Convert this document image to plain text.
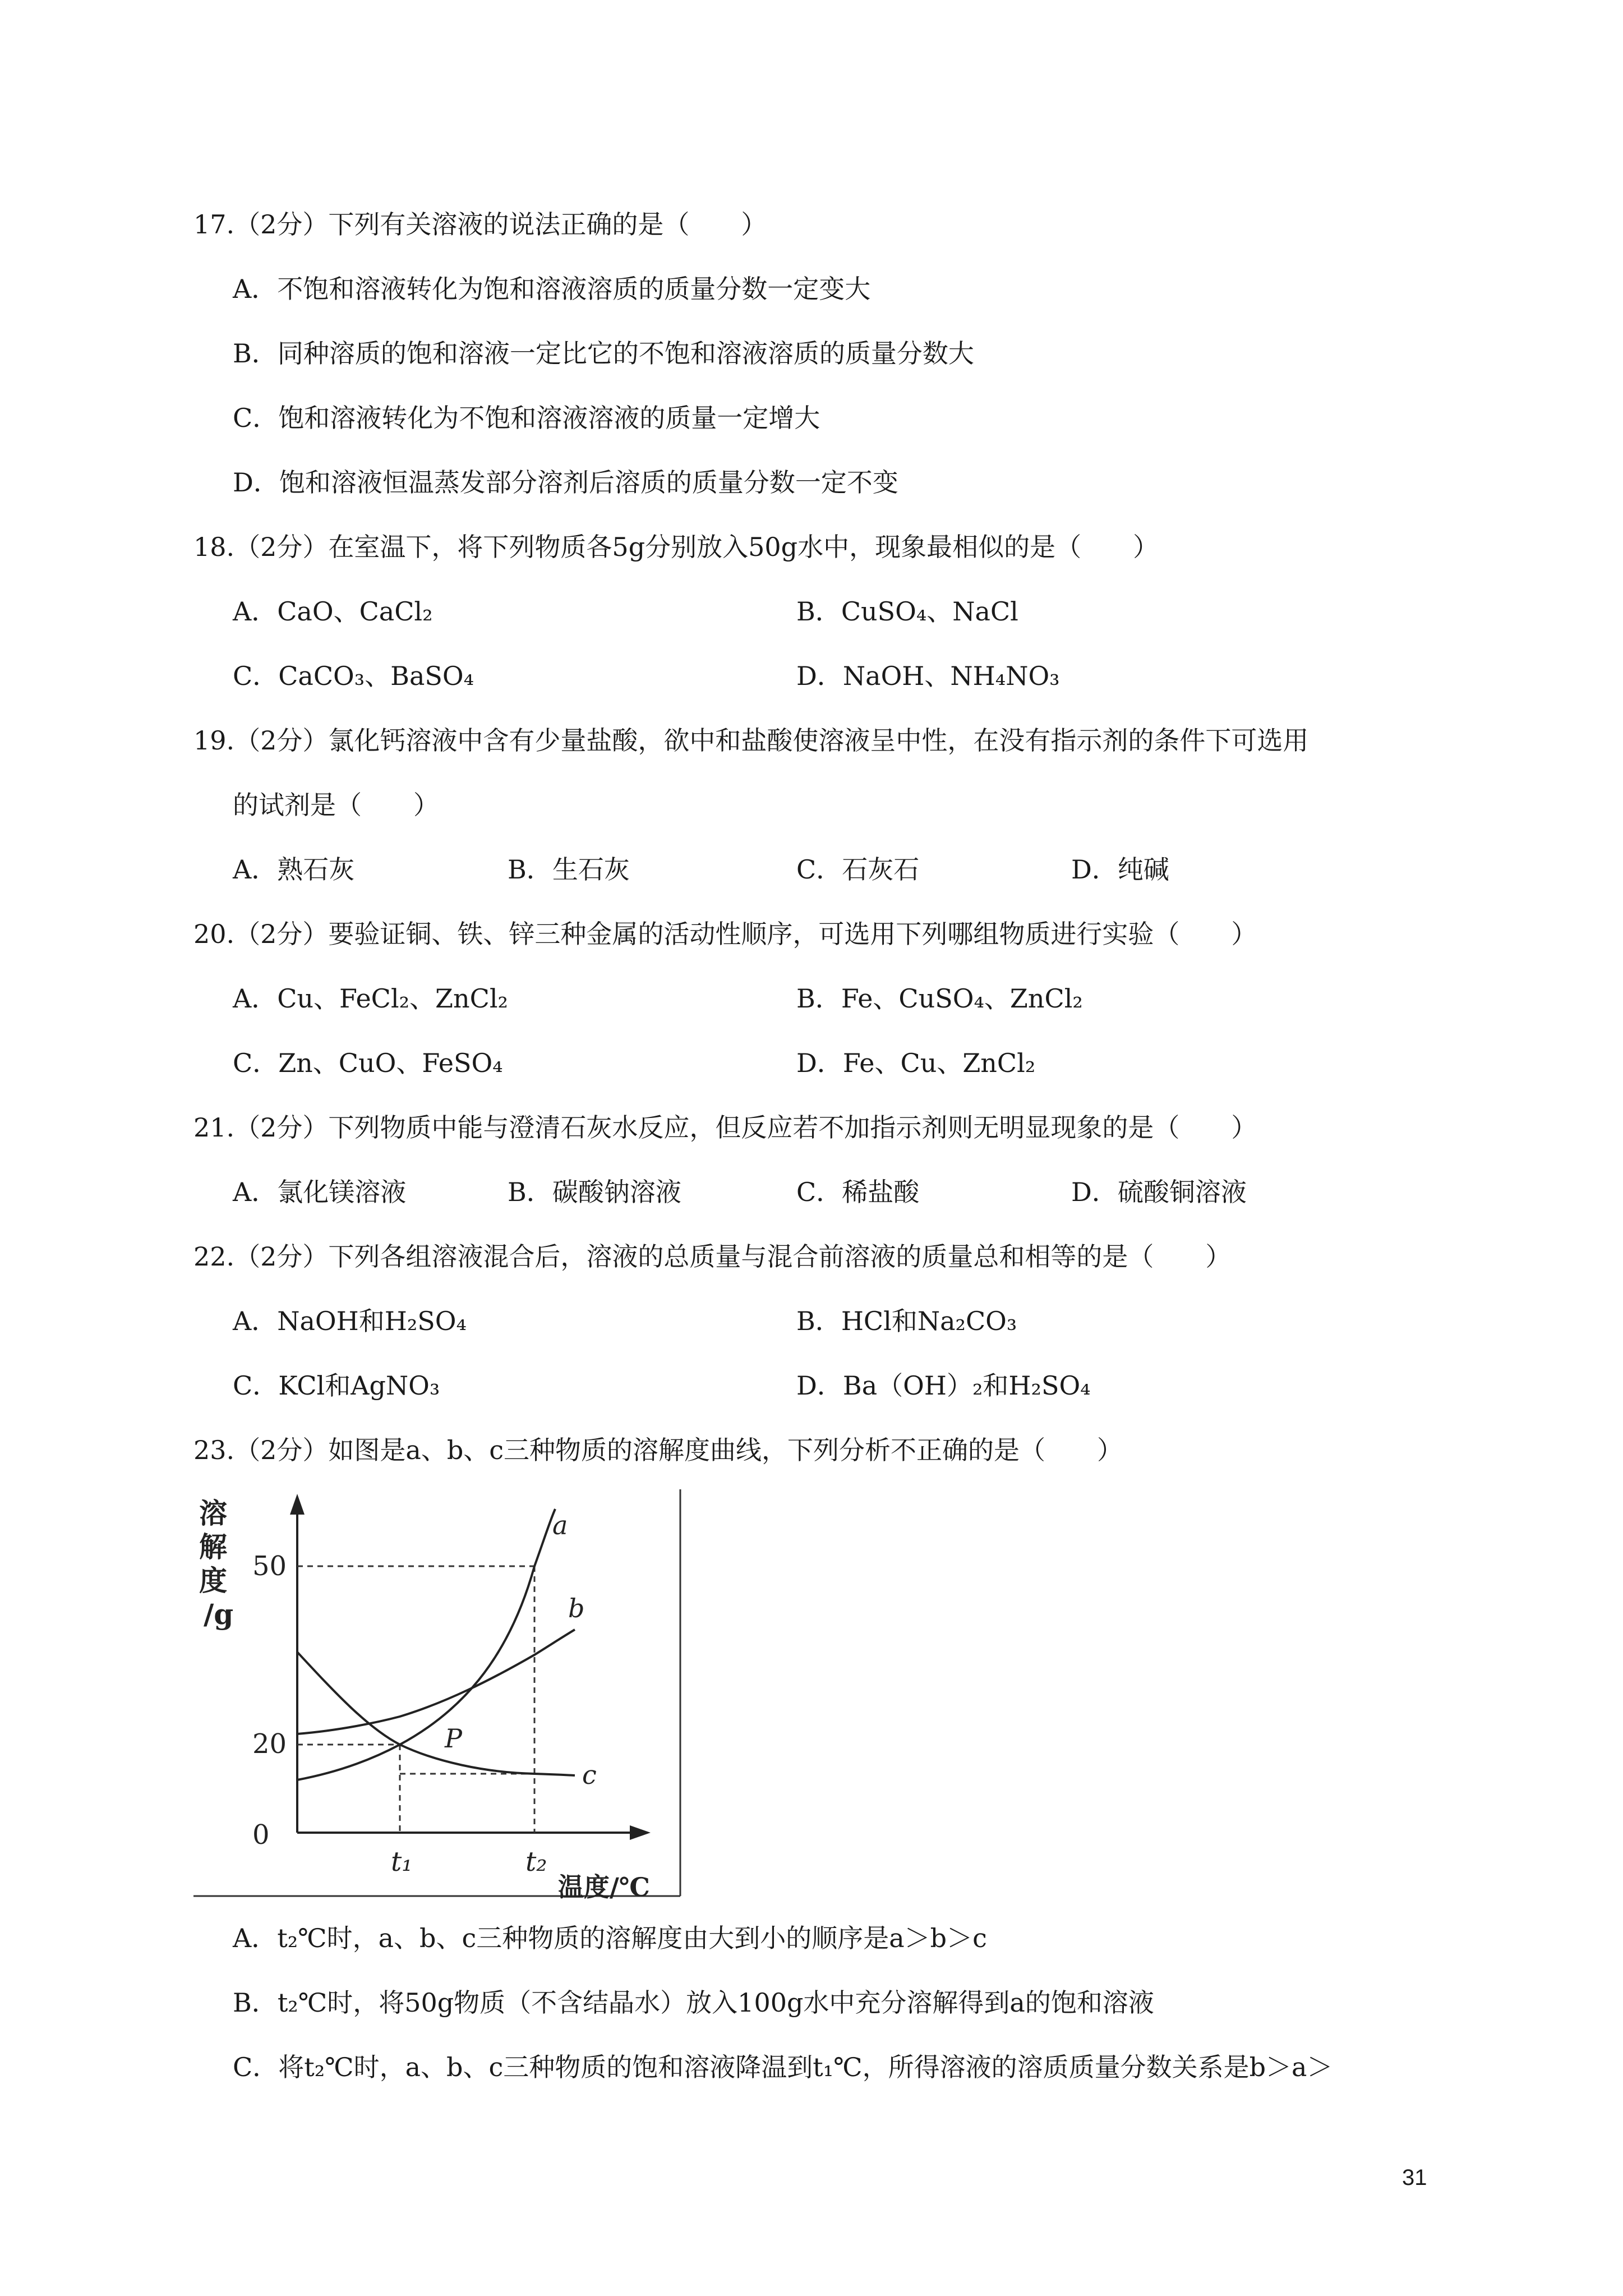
17.（2分）下列有关溶液的说法正确的是（　　）
A．不饱和溶液转化为饱和溶液溶质的质量分数一定变大
B．同种溶质的饱和溶液一定比它的不饱和溶液溶质的质量分数大
C．饱和溶液转化为不饱和溶液溶液的质量一定增大
D．饱和溶液恒温蒸发部分溶剂后溶质的质量分数一定不变
18.（2分）在室温下，将下列物质各5g分别放入50g水中，现象最相似的是（　　）
A．CaO、CaCl₂	B．CuSO₄、NaCl
C．CaCO₃、BaSO₄	D．NaOH、NH₄NO₃
19.（2分）氯化钙溶液中含有少量盐酸，欲中和盐酸使溶液呈中性，在没有指示剂的条件下可选用
的试剂是（　　）
A．熟石灰	B．生石灰	C．石灰石	D．纯碱
20.（2分）要验证铜、铁、锌三种金属的活动性顺序，可选用下列哪组物质进行实验（　　）
A．Cu、FeCl₂、ZnCl₂	B．Fe、CuSO₄、ZnCl₂
C．Zn、CuO、FeSO₄	D．Fe、Cu、ZnCl₂
21.（2分）下列物质中能与澄清石灰水反应，但反应若不加指示剂则无明显现象的是（　　）
A．氯化镁溶液	B．碳酸钠溶液	C．稀盐酸	D．硫酸铜溶液
22.（2分）下列各组溶液混合后，溶液的总质量与混合前溶液的质量总和相等的是（　　）
A．NaOH和H₂SO₄	B．HCl和Na₂CO₃
C．KCl和AgNO₃	D．Ba（OH）₂和H₂SO₄
23.（2分）如图是a、b、c三种物质的溶解度曲线，下列分析不正确的是（　　）
溶解度/g
a
b
c
P
50
20
0
t₁	t₂
温度/℃
A．t₂℃时，a、b、c三种物质的溶解度由大到小的顺序是a＞b＞c
B．t₂℃时，将50g物质（不含结晶水）放入100g水中充分溶解得到a的饱和溶液
C．将t₂℃时，a、b、c三种物质的饱和溶液降温到t₁℃，所得溶液的溶质质量分数关系是b＞a＞
31
